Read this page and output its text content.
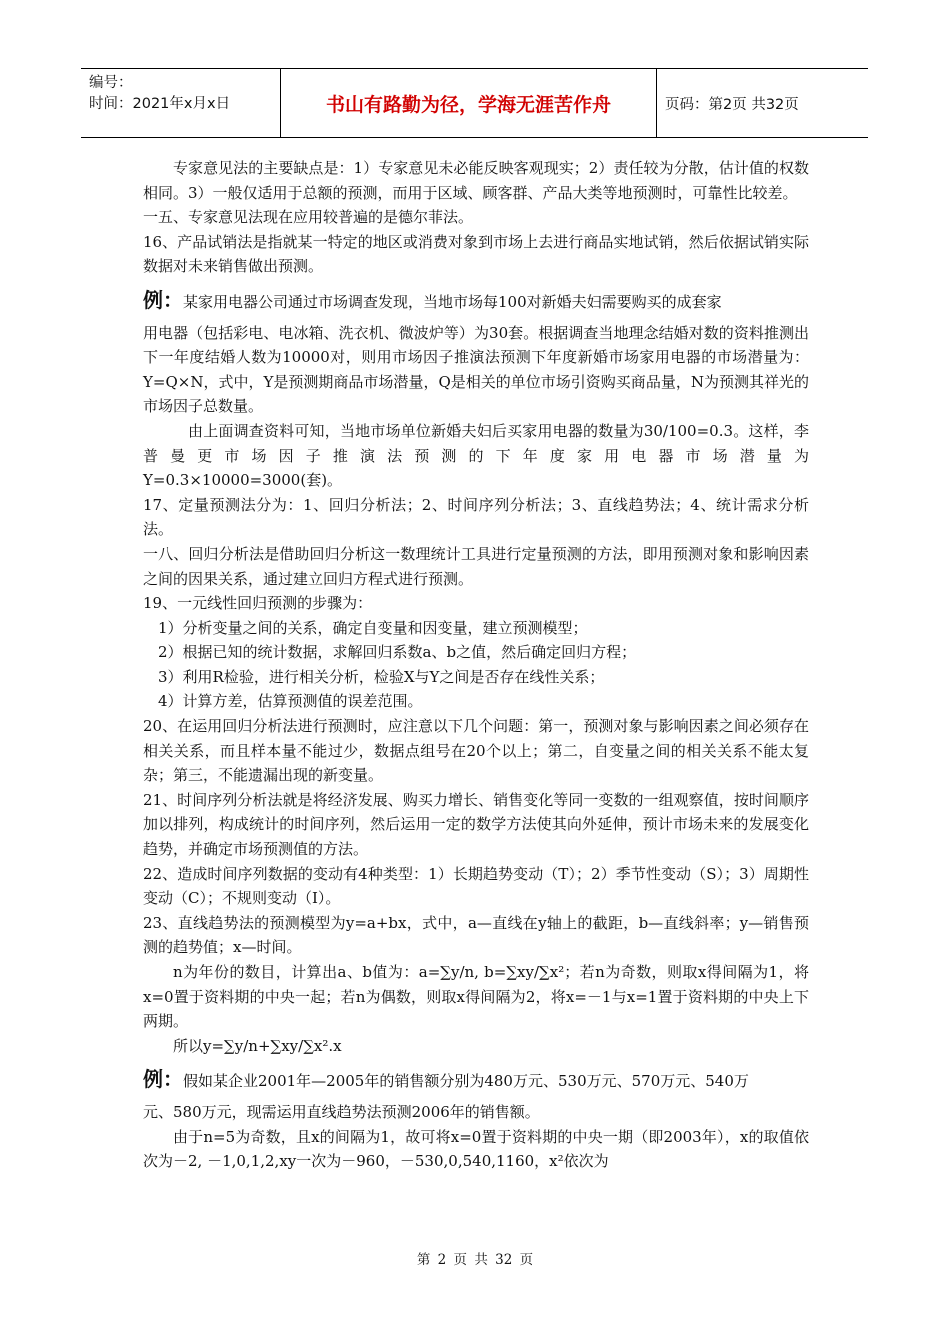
编号：
时间：2021年x月x日	书山有路勤为径，学海无涯苦作舟	页码：第2页 共32页

专家意见法的主要缺点是：1）专家意见未必能反映客观现实；2）责任较为分散，估计值的权数相同。3）一般仅适用于总额的预测，而用于区域、顾客群、产品大类等地预测时，可靠性比较差。

一五、专家意见法现在应用较普遍的是德尔菲法。

16、产品试销法是指就某一特定的地区或消费对象到市场上去进行商品实地试销，然后依据试销实际数据对未来销售做出预测。

例：某家用电器公司通过市场调查发现，当地市场每100对新婚夫妇需要购买的成套家

用电器（包括彩电、电冰箱、洗衣机、微波炉等）为30套。根据调查当地理念结婚对数的资料推测出下一年度结婚人数为10000对，则用市场因子推演法预测下年度新婚市场家用电器的市场潜量为：Y=Q×N，式中，Y是预测期商品市场潜量，Q是相关的单位市场引资购买商品量，N为预测其祥光的市场因子总数量。

由上面调查资料可知，当地市场单位新婚夫妇后买家用电器的数量为30/100=0.3。这样，李普曼更市场因子推演法预测的下年度家用电器市场潜量为

Y=0.3×10000=3000(套)。

17、定量预测法分为：1、回归分析法；2、时间序列分析法；3、直线趋势法；4、统计需求分析法。

一八、回归分析法是借助回归分析这一数理统计工具进行定量预测的方法，即用预测对象和影响因素之间的因果关系，通过建立回归方程式进行预测。

19、一元线性回归预测的步骤为：

1）分析变量之间的关系，确定自变量和因变量，建立预测模型；

2）根据已知的统计数据，求解回归系数a、b之值，然后确定回归方程；

3）利用R检验，进行相关分析，检验X与Y之间是否存在线性关系；

4）计算方差，估算预测值的误差范围。

20、在运用回归分析法进行预测时，应注意以下几个问题：第一，预测对象与影响因素之间必须存在相关关系，而且样本量不能过少，数据点组号在20个以上；第二，自变量之间的相关关系不能太复杂；第三，不能遗漏出现的新变量。

21、时间序列分析法就是将经济发展、购买力增长、销售变化等同一变数的一组观察值，按时间顺序加以排列，构成统计的时间序列，然后运用一定的数学方法使其向外延伸，预计市场未来的发展变化趋势，并确定市场预测值的方法。

22、造成时间序列数据的变动有4种类型：1）长期趋势变动（T）；2）季节性变动（S）；3）周期性变动（C）；不规则变动（I）。

23、直线趋势法的预测模型为y=a+bx，式中，a—直线在y轴上的截距，b—直线斜率；y—销售预测的趋势值；x—时间。

n为年份的数目，计算出a、b值为：a=∑y/n, b=∑xy/∑x²；若n为奇数，则取x得间隔为1，将x=0置于资料期的中央一起；若n为偶数，则取x得间隔为2，将x=－1与x=1置于资料期的中央上下两期。

所以y=∑y/n+∑xy/∑x².x

例：假如某企业2001年—2005年的销售额分别为480万元、530万元、570万元、540万

元、580万元，现需运用直线趋势法预测2006年的销售额。

由于n=5为奇数，且x的间隔为1，故可将x=0置于资料期的中央一期（即2003年），x的取值依次为－2, －1,0,1,2,xy一次为－960，－530,0,540,1160，x²依次为

第 2 页 共 32 页
